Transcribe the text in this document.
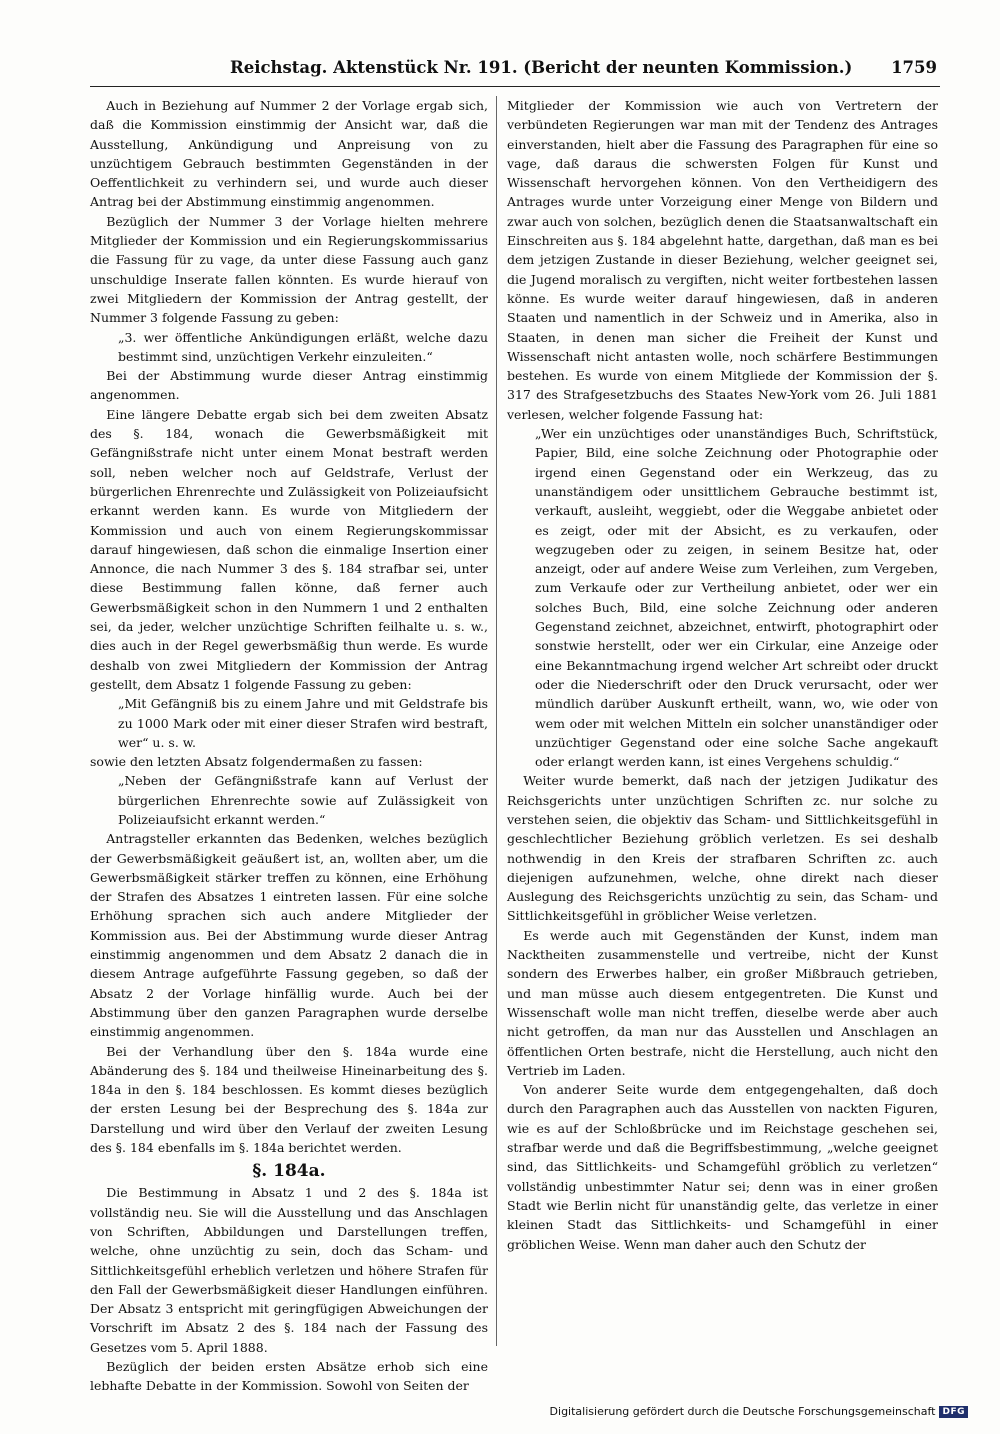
Reichstag. Aktenstück Nr. 191. (Bericht der neunten Kommission.) 1759

Auch in Beziehung auf Nummer 2 der Vorlage ergab sich, daß die Kommission einstimmig der Ansicht war, daß die Ausstellung, Ankündigung und Anpreisung von zu unzüchtigem Gebrauch bestimmten Gegenständen in der Oeffentlichkeit zu verhindern sei, und wurde auch dieser Antrag bei der Abstimmung einstimmig angenommen.

Bezüglich der Nummer 3 der Vorlage hielten mehrere Mitglieder der Kommission und ein Regierungskommissarius die Fassung für zu vage, da unter diese Fassung auch ganz unschuldige Inserate fallen könnten. Es wurde hierauf von zwei Mitgliedern der Kommission der Antrag gestellt, der Nummer 3 folgende Fassung zu geben:

„3. wer öffentliche Ankündigungen erläßt, welche dazu bestimmt sind, unzüchtigen Verkehr einzuleiten.“

Bei der Abstimmung wurde dieser Antrag einstimmig angenommen.

Eine längere Debatte ergab sich bei dem zweiten Absatz des §. 184, wonach die Gewerbsmäßigkeit mit Gefängnißstrafe nicht unter einem Monat bestraft werden soll, neben welcher noch auf Geldstrafe, Verlust der bürgerlichen Ehrenrechte und Zulässigkeit von Polizeiaufsicht erkannt werden kann. Es wurde von Mitgliedern der Kommission und auch von einem Regierungskommissar darauf hingewiesen, daß schon die einmalige Insertion einer Annonce, die nach Nummer 3 des §. 184 strafbar sei, unter diese Bestimmung fallen könne, daß ferner auch Gewerbsmäßigkeit schon in den Nummern 1 und 2 enthalten sei, da jeder, welcher unzüchtige Schriften feilhalte u. s. w., dies auch in der Regel gewerbsmäßig thun werde. Es wurde deshalb von zwei Mitgliedern der Kommission der Antrag gestellt, dem Absatz 1 folgende Fassung zu geben:

„Mit Gefängniß bis zu einem Jahre und mit Geldstrafe bis zu 1000 Mark oder mit einer dieser Strafen wird bestraft, wer“ u. s. w.

sowie den letzten Absatz folgendermaßen zu fassen:

„Neben der Gefängnißstrafe kann auf Verlust der bürgerlichen Ehrenrechte sowie auf Zulässigkeit von Polizeiaufsicht erkannt werden.“

Antragsteller erkannten das Bedenken, welches bezüglich der Gewerbsmäßigkeit geäußert ist, an, wollten aber, um die Gewerbsmäßigkeit stärker treffen zu können, eine Erhöhung der Strafen des Absatzes 1 eintreten lassen. Für eine solche Erhöhung sprachen sich auch andere Mitglieder der Kommission aus. Bei der Abstimmung wurde dieser Antrag einstimmig angenommen und dem Absatz 2 danach die in diesem Antrage aufgeführte Fassung gegeben, so daß der Absatz 2 der Vorlage hinfällig wurde. Auch bei der Abstimmung über den ganzen Paragraphen wurde derselbe einstimmig angenommen.

Bei der Verhandlung über den §. 184a wurde eine Abänderung des §. 184 und theilweise Hineinarbeitung des §. 184a in den §. 184 beschlossen. Es kommt dieses bezüglich der ersten Lesung bei der Besprechung des §. 184a zur Darstellung und wird über den Verlauf der zweiten Lesung des §. 184 ebenfalls im §. 184a berichtet werden.

§. 184a.

Die Bestimmung in Absatz 1 und 2 des §. 184a ist vollständig neu. Sie will die Ausstellung und das Anschlagen von Schriften, Abbildungen und Darstellungen treffen, welche, ohne unzüchtig zu sein, doch das Scham- und Sittlichkeitsgefühl erheblich verletzen und höhere Strafen für den Fall der Gewerbsmäßigkeit dieser Handlungen einführen. Der Absatz 3 entspricht mit geringfügigen Abweichungen der Vorschrift im Absatz 2 des §. 184 nach der Fassung des Gesetzes vom 5. April 1888.

Bezüglich der beiden ersten Absätze erhob sich eine lebhafte Debatte in der Kommission. Sowohl von Seiten der

Mitglieder der Kommission wie auch von Vertretern der verbündeten Regierungen war man mit der Tendenz des Antrages einverstanden, hielt aber die Fassung des Paragraphen für eine so vage, daß daraus die schwersten Folgen für Kunst und Wissenschaft hervorgehen können. Von den Vertheidigern des Antrages wurde unter Vorzeigung einer Menge von Bildern und zwar auch von solchen, bezüglich denen die Staatsanwaltschaft ein Einschreiten aus §. 184 abgelehnt hatte, dargethan, daß man es bei dem jetzigen Zustande in dieser Beziehung, welcher geeignet sei, die Jugend moralisch zu vergiften, nicht weiter fortbestehen lassen könne. Es wurde weiter darauf hingewiesen, daß in anderen Staaten und namentlich in der Schweiz und in Amerika, also in Staaten, in denen man sicher die Freiheit der Kunst und Wissenschaft nicht antasten wolle, noch schärfere Bestimmungen bestehen. Es wurde von einem Mitgliede der Kommission der §. 317 des Strafgesetzbuchs des Staates New-York vom 26. Juli 1881 verlesen, welcher folgende Fassung hat:

„Wer ein unzüchtiges oder unanständiges Buch, Schriftstück, Papier, Bild, eine solche Zeichnung oder Photographie oder irgend einen Gegenstand oder ein Werkzeug, das zu unanständigem oder unsittlichem Gebrauche bestimmt ist, verkauft, ausleiht, weggiebt, oder die Weggabe anbietet oder es zeigt, oder mit der Absicht, es zu verkaufen, oder wegzugeben oder zu zeigen, in seinem Besitze hat, oder anzeigt, oder auf andere Weise zum Verleihen, zum Vergeben, zum Verkaufe oder zur Vertheilung anbietet, oder wer ein solches Buch, Bild, eine solche Zeichnung oder anderen Gegenstand zeichnet, abzeichnet, entwirft, photographirt oder sonstwie herstellt, oder wer ein Cirkular, eine Anzeige oder eine Bekanntmachung irgend welcher Art schreibt oder druckt oder die Niederschrift oder den Druck verursacht, oder wer mündlich darüber Auskunft ertheilt, wann, wo, wie oder von wem oder mit welchen Mitteln ein solcher unanständiger oder unzüchtiger Gegenstand oder eine solche Sache angekauft oder erlangt werden kann, ist eines Vergehens schuldig.“

Weiter wurde bemerkt, daß nach der jetzigen Judikatur des Reichsgerichts unter unzüchtigen Schriften zc. nur solche zu verstehen seien, die objektiv das Scham- und Sittlichkeitsgefühl in geschlechtlicher Beziehung gröblich verletzen. Es sei deshalb nothwendig in den Kreis der strafbaren Schriften zc. auch diejenigen aufzunehmen, welche, ohne direkt nach dieser Auslegung des Reichsgerichts unzüchtig zu sein, das Scham- und Sittlichkeitsgefühl in gröblicher Weise verletzen.

Es werde auch mit Gegenständen der Kunst, indem man Nacktheiten zusammenstelle und vertreibe, nicht der Kunst sondern des Erwerbes halber, ein großer Mißbrauch getrieben, und man müsse auch diesem entgegentreten. Die Kunst und Wissenschaft wolle man nicht treffen, dieselbe werde aber auch nicht getroffen, da man nur das Ausstellen und Anschlagen an öffentlichen Orten bestrafe, nicht die Herstellung, auch nicht den Vertrieb im Laden.

Von anderer Seite wurde dem entgegengehalten, daß doch durch den Paragraphen auch das Ausstellen von nackten Figuren, wie es auf der Schloßbrücke und im Reichstage geschehen sei, strafbar werde und daß die Begriffsbestimmung, „welche geeignet sind, das Sittlichkeits- und Schamgefühl gröblich zu verletzen“ vollständig unbestimmter Natur sei; denn was in einer großen Stadt wie Berlin nicht für unanständig gelte, das verletze in einer kleinen Stadt das Sittlichkeits- und Schamgefühl in einer gröblichen Weise. Wenn man daher auch den Schutz der

Digitalisierung gefördert durch die Deutsche Forschungsgemeinschaft DFG
